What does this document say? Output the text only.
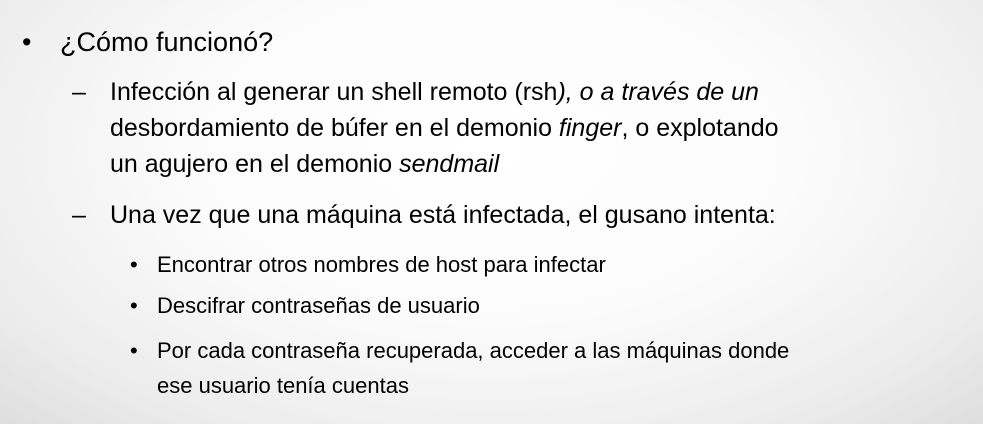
• ¿Cómo funcionó?
– Infección al generar un shell remoto (rsh), o a través de un
desbordamiento de búfer en el demonio finger, o explotando
un agujero en el demonio sendmail
– Una vez que una máquina está infectada, el gusano intenta:
• Encontrar otros nombres de host para infectar
• Descifrar contraseñas de usuario
• Por cada contraseña recuperada, acceder a las máquinas donde
ese usuario tenía cuentas
